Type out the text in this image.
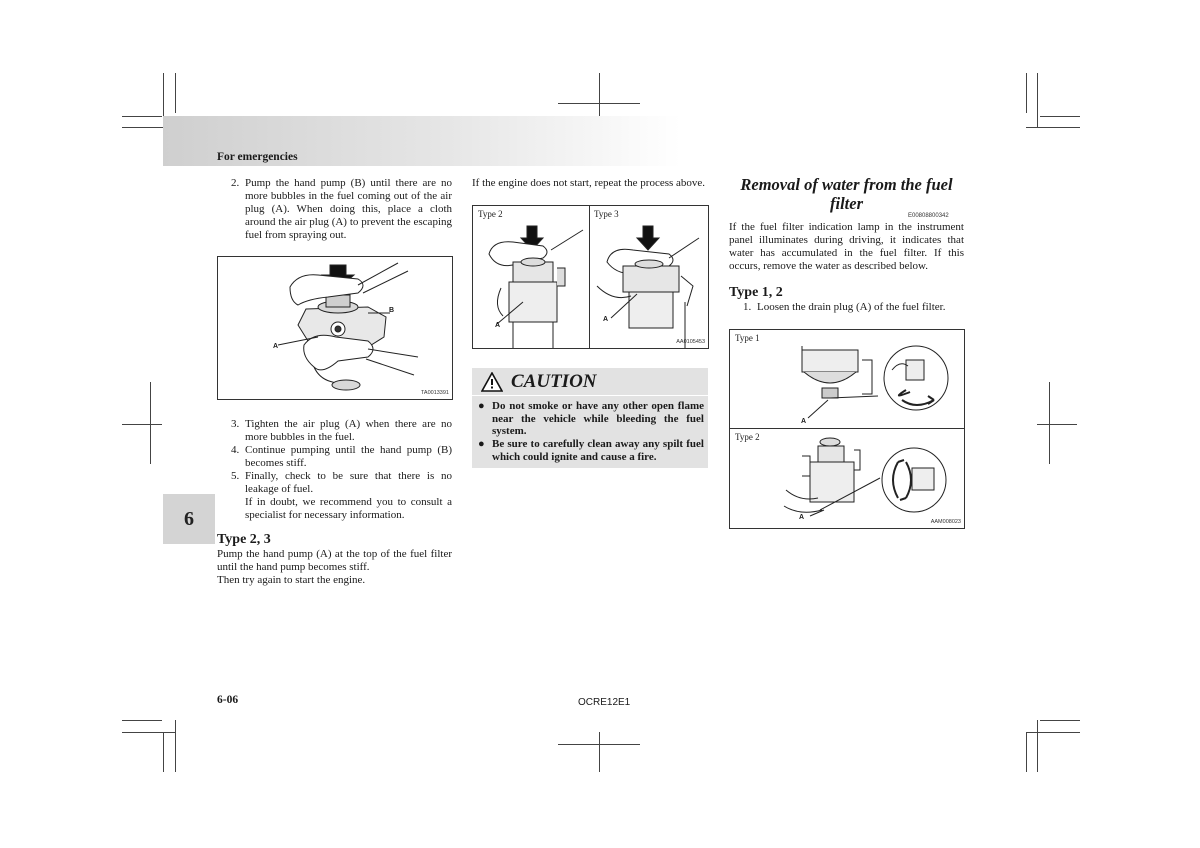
For emergencies
6
2. Pump the hand pump (B) until there are no more bubbles in the fuel coming out of the air plug (A). When doing this, place a cloth around the air plug (A) to prevent the escaping fuel from spraying out.
A
B
TA0013391
3. Tighten the air plug (A) when there are no more bubbles in the fuel.
4. Continue pumping until the hand pump (B) becomes stiff.
5. Finally, check to be sure that there is no leakage of fuel.
If in doubt, we recommend you to consult a specialist for necessary information.
Type 2, 3
Pump the hand pump (A) at the top of the fuel filter until the hand pump becomes stiff.
Then try again to start the engine.
If the engine does not start, repeat the process above.
Type 2	Type 3
A
A
AA0105453
CAUTION
● Do not smoke or have any other open flame near the vehicle while bleeding the fuel system.
● Be sure to carefully clean away any spilt fuel which could ignite and cause a fire.
Removal of water from the fuel filter
E00808800342
If the fuel filter indication lamp in the instrument panel illuminates during driving, it indicates that water has accumulated in the fuel filter. If this occurs, remove the water as described below.
Type 1, 2
1. Loosen the drain plug (A) of the fuel filter.
Type 1
Type 2
A
A
AAM008023
6-06	OCRE12E1
